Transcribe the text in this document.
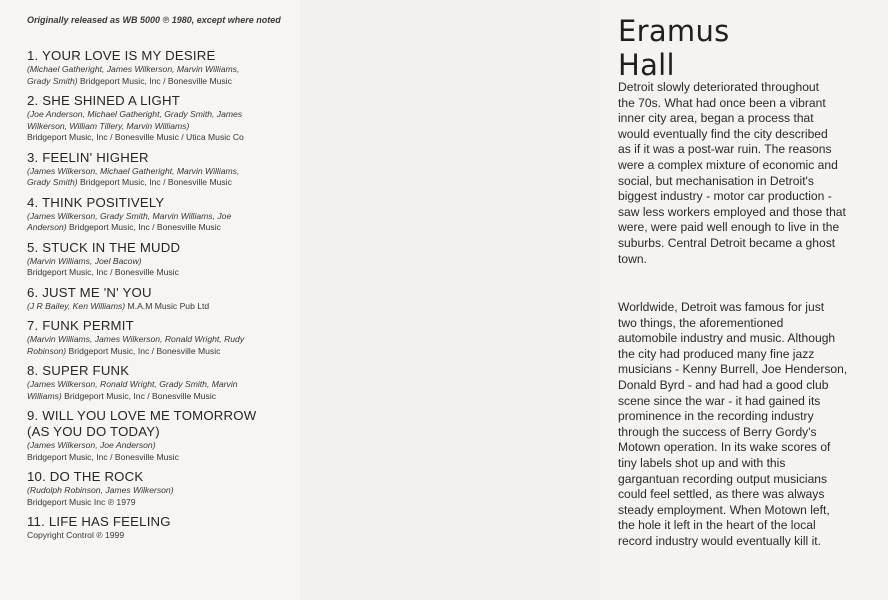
Originally released as WB 5000 ℗ 1980, except where noted
1. YOUR LOVE IS MY DESIRE
(Michael Gatheright, James Wilkerson, Marvin Williams,
Grady Smith) Bridgeport Music, Inc / Bonesville Music
2. SHE SHINED A LIGHT
(Joe Anderson, Michael Gatheright, Grady Smith, James
Wilkerson, William Tillery, Marvin Williams)
Bridgeport Music, Inc / Bonesville Music / Utica Music Co
3. FEELIN' HIGHER
(James Wilkerson, Michael Gatheright, Marvin Williams,
Grady Smith) Bridgeport Music, Inc / Bonesville Music
4. THINK POSITIVELY
(James Wilkerson, Grady Smith, Marvin Williams, Joe
Anderson) Bridgeport Music, Inc / Bonesville Music
5. STUCK IN THE MUDD
(Marvin Williams, Joel Bacow)
Bridgeport Music, Inc / Bonesville Music
6. JUST ME 'N' YOU
(J R Bailey, Ken Williams) M.A.M Music Pub Ltd
7. FUNK PERMIT
(Marvin Williams, James Wilkerson, Ronald Wright, Rudy
Robinson) Bridgeport Music, Inc / Bonesville Music
8. SUPER FUNK
(James Wilkerson, Ronald Wright, Grady Smith, Marvin
Williams) Bridgeport Music, Inc / Bonesville Music
9. WILL YOU LOVE ME TOMORROW
(AS YOU DO TODAY)
(James Wilkerson, Joe Anderson)
Bridgeport Music, Inc / Bonesville Music
10. DO THE ROCK
(Rudolph Robinson, James Wilkerson)
Bridgeport Music Inc ℗ 1979
11. LIFE HAS FEELING
Copyright Control ℗ 1999
Eramus Hall
Detroit slowly deteriorated throughout
the 70s. What had once been a vibrant
inner city area, began a process that
would eventually find the city described
as if it was a post-war ruin. The reasons
were a complex mixture of economic and
social, but mechanisation in Detroit's
biggest industry - motor car production -
saw less workers employed and those that
were, were paid well enough to live in the
suburbs. Central Detroit became a ghost
town.
Worldwide, Detroit was famous for just
two things, the aforementioned
automobile industry and music. Although
the city had produced many fine jazz
musicians - Kenny Burrell, Joe Henderson,
Donald Byrd - and had had a good club
scene since the war - it had gained its
prominence in the recording industry
through the success of Berry Gordy's
Motown operation. In its wake scores of
tiny labels shot up and with this
gargantuan recording output musicians
could feel settled, as there was always
steady employment. When Motown left,
the hole it left in the heart of the local
record industry would eventually kill it.
